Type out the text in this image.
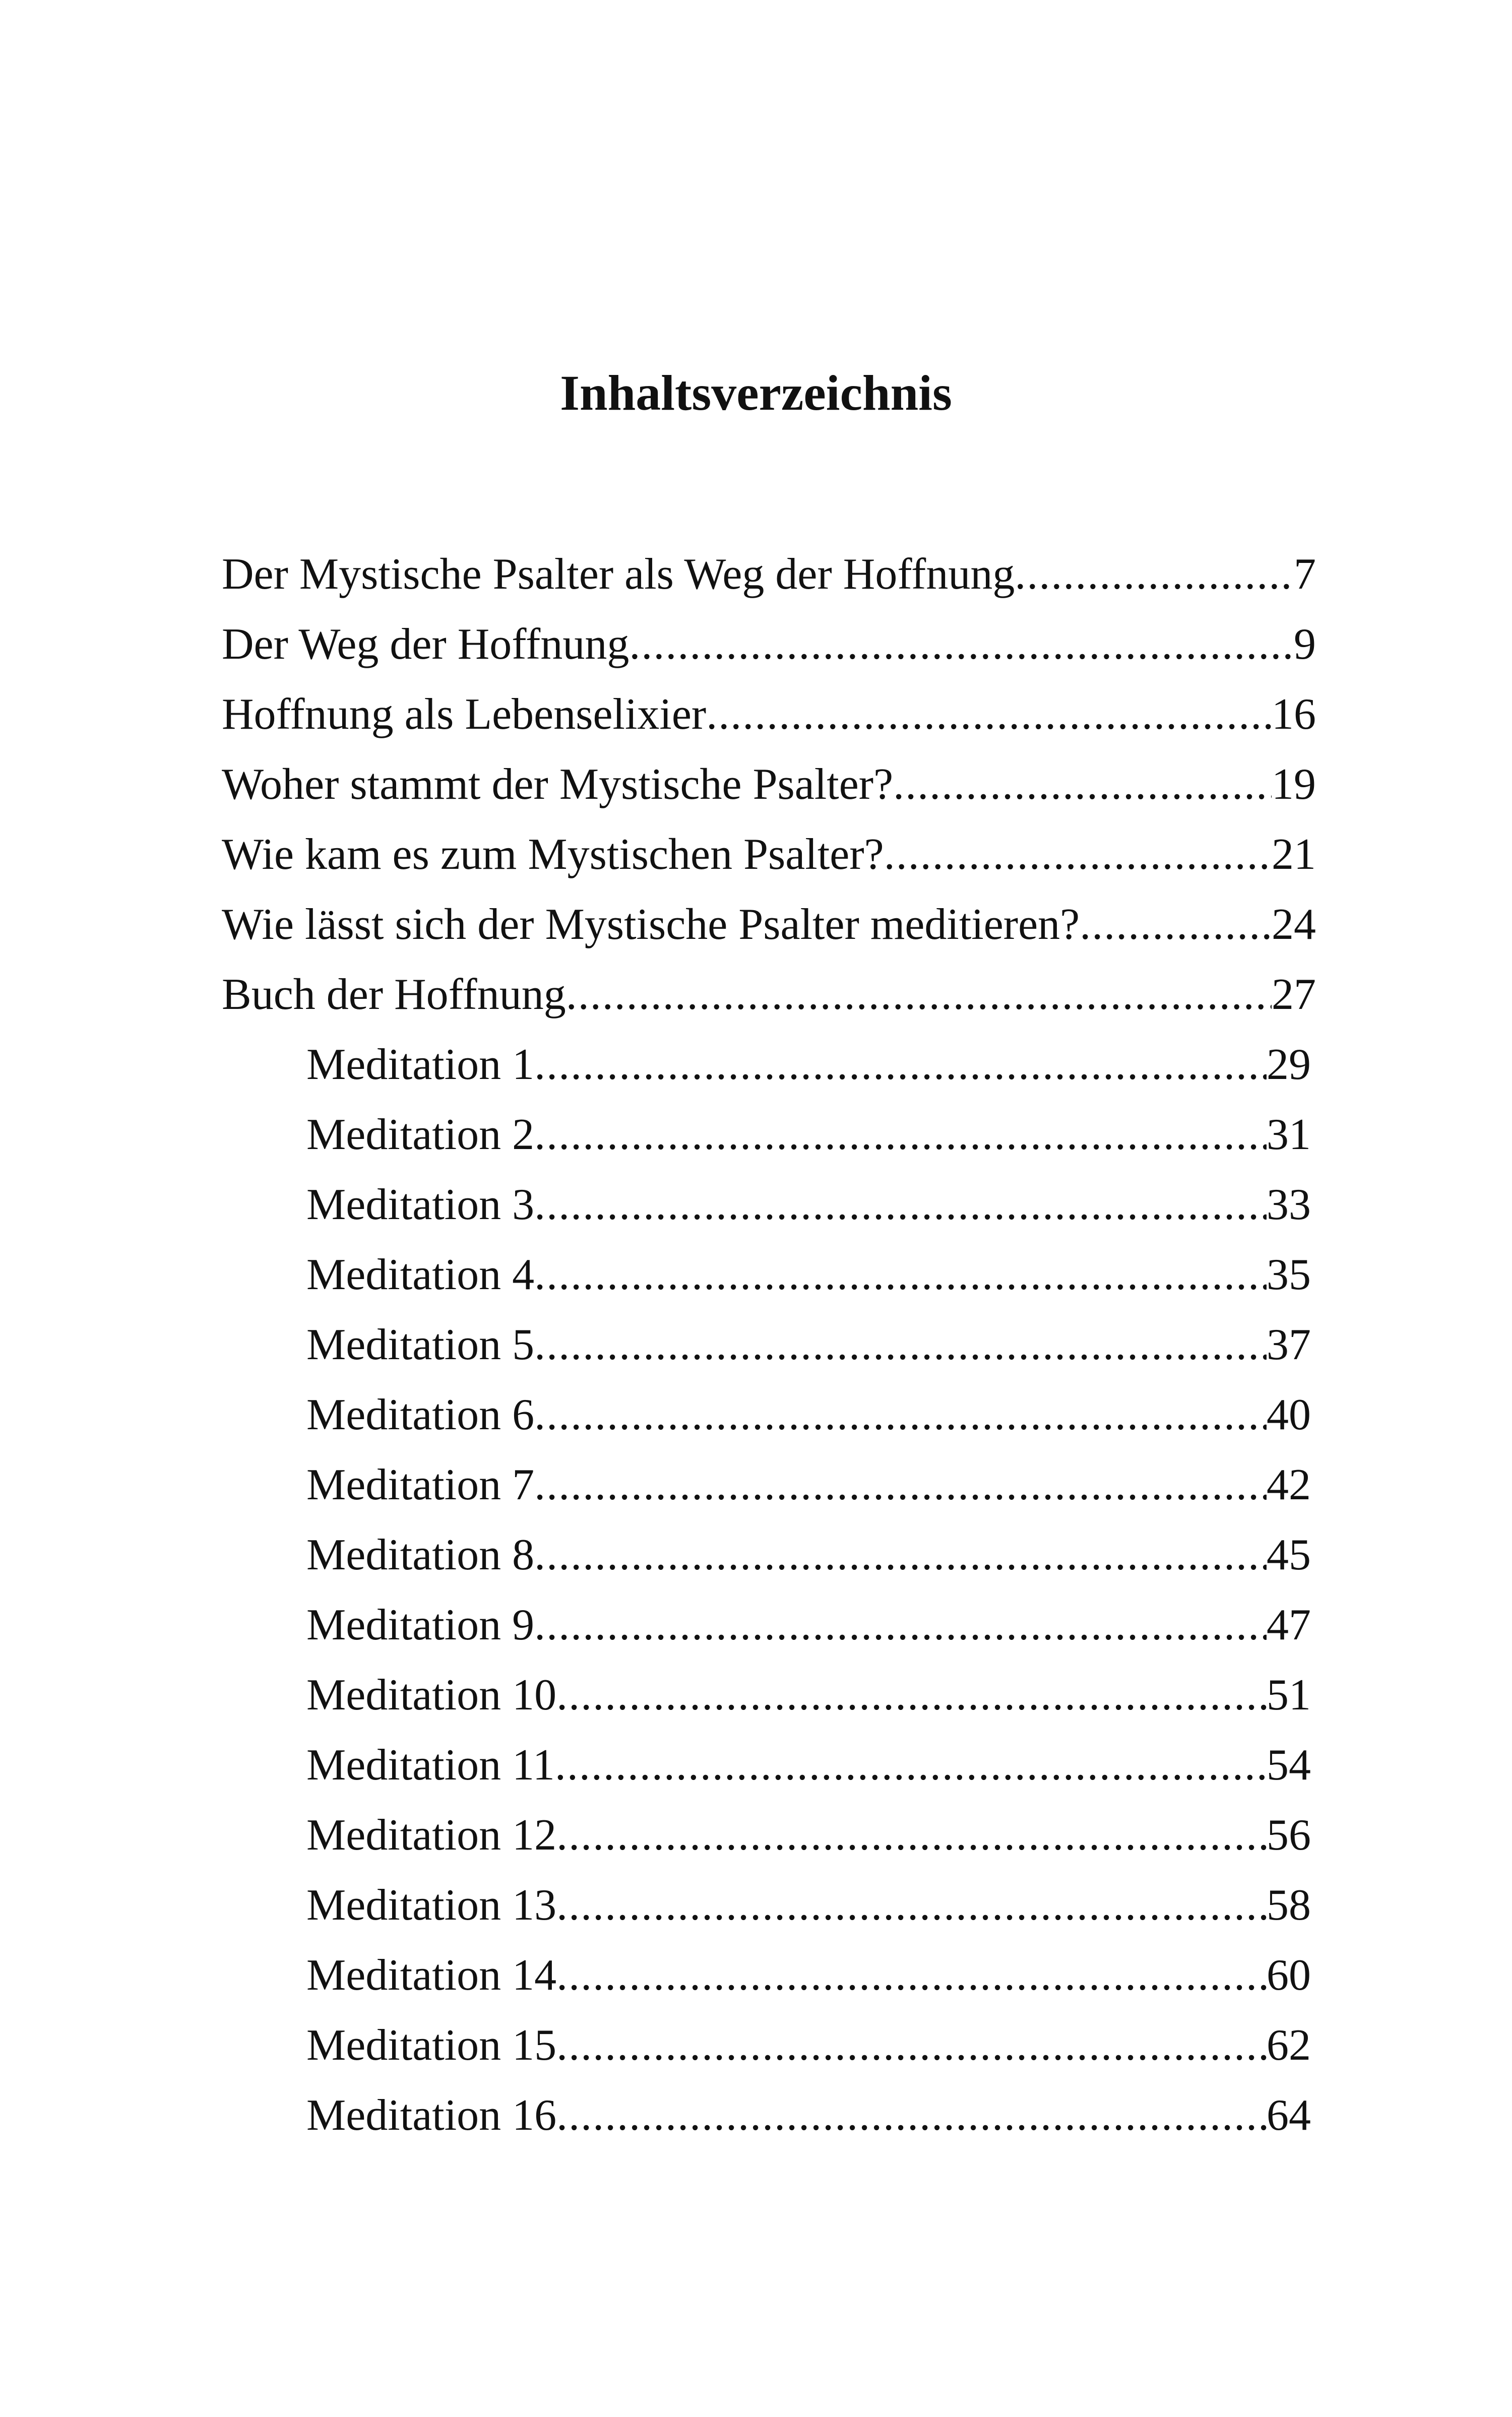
Inhaltsverzeichnis
Der Mystische Psalter als Weg der Hoffnung .....	7
Der Weg der Hoffnung .....	9
Hoffnung als Lebenselixier .....	16
Woher stammt der Mystische Psalter? .....	19
Wie kam es zum Mystischen Psalter? .....	21
Wie lässt sich der Mystische Psalter meditieren? .....	24
Buch der Hoffnung .....	27
Meditation 1 .....	29
Meditation 2 .....	31
Meditation 3 .....	33
Meditation 4 .....	35
Meditation 5 .....	37
Meditation 6 .....	40
Meditation 7 .....	42
Meditation 8 .....	45
Meditation 9 .....	47
Meditation 10 .....	51
Meditation 11 .....	54
Meditation 12 .....	56
Meditation 13 .....	58
Meditation 14 .....	60
Meditation 15 .....	62
Meditation 16 .....	64
